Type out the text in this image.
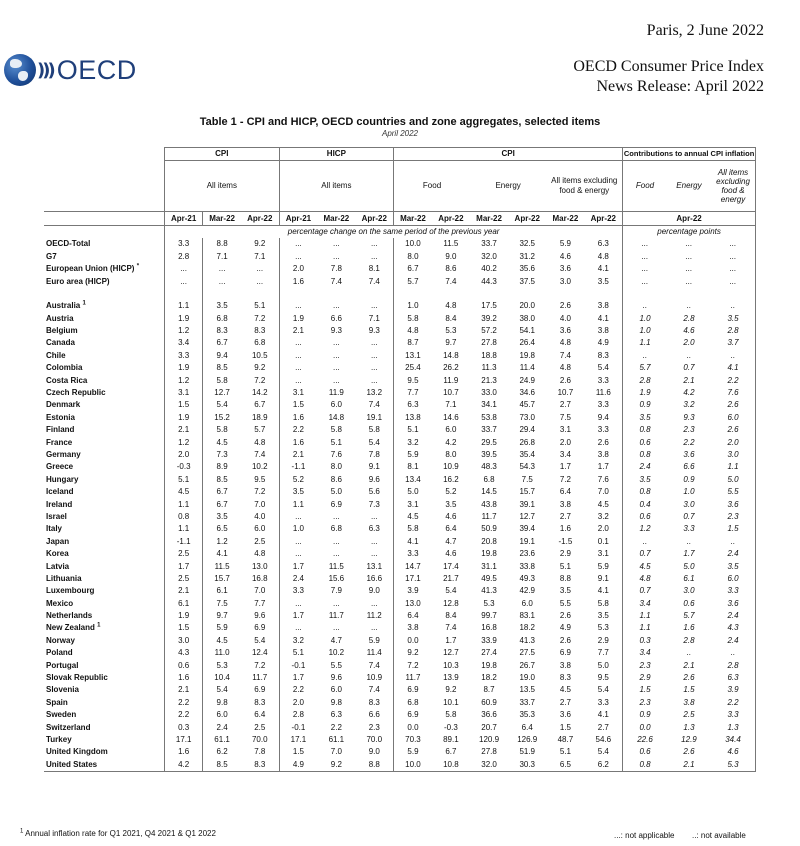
Paris, 2 June 2022
OECD Consumer Price Index
News Release: April 2022
))) OECD
Table 1 - CPI and HICP, OECD countries and zone aggregates, selected items
April 2022
	CPI			HICP			CPI						Contributions to annual CPI inflation		
	All items			All items			Food		Energy		All items excluding food & energy		Food	Energy	All items excluding food & energy
	Apr-21	Mar-22	Apr-22	Apr-21	Mar-22	Apr-22	Mar-22	Apr-22	Mar-22	Apr-22	Mar-22	Apr-22	Apr-22		
	percentage change on the same period of the previous year												percentage points		
OECD-Total	3.3	8.8	9.2	...	...	...	10.0	11.5	33.7	32.5	5.9	6.3	...	...	...
G7	2.8	7.1	7.1	...	...	...	8.0	9.0	32.0	31.2	4.6	4.8	...	...	...
European Union (HICP) *	...	...	...	2.0	7.8	8.1	6.7	8.6	40.2	35.6	3.6	4.1	...	...	...
Euro area (HICP)	...	...	...	1.6	7.4	7.4	5.7	7.4	44.3	37.5	3.0	3.5	...	...	...

Australia $^1$	1.1	3.5	5.1	...	...	...	1.0	4.8	17.5	20.0	2.6	3.8	..	..	..
Austria	1.9	6.8	7.2	1.9	6.6	7.1	5.8	8.4	39.2	38.0	4.0	4.1	1.0	2.8	3.5
Belgium	1.2	8.3	8.3	2.1	9.3	9.3	4.8	5.3	57.2	54.1	3.6	3.8	1.0	4.6	2.8
Canada	3.4	6.7	6.8	...	...	...	8.7	9.7	27.8	26.4	4.8	4.9	1.1	2.0	3.7
Chile	3.3	9.4	10.5	...	...	...	13.1	14.8	18.8	19.8	7.4	8.3	..	..	..
Colombia	1.9	8.5	9.2	...	...	...	25.4	26.2	11.3	11.4	4.8	5.4	5.7	0.7	4.1
Costa Rica	1.2	5.8	7.2	...	...	...	9.5	11.9	21.3	24.9	2.6	3.3	2.8	2.1	2.2
Czech Republic	3.1	12.7	14.2	3.1	11.9	13.2	7.7	10.7	33.0	34.6	10.7	11.6	1.9	4.2	7.6
Denmark	1.5	5.4	6.7	1.5	6.0	7.4	6.3	7.1	34.1	45.7	2.7	3.3	0.9	3.2	2.6
Estonia	1.9	15.2	18.9	1.6	14.8	19.1	13.8	14.6	53.8	73.0	7.5	9.4	3.5	9.3	6.0
Finland	2.1	5.8	5.7	2.2	5.8	5.8	5.1	6.0	33.7	29.4	3.1	3.3	0.8	2.3	2.6
France	1.2	4.5	4.8	1.6	5.1	5.4	3.2	4.2	29.5	26.8	2.0	2.6	0.6	2.2	2.0
Germany	2.0	7.3	7.4	2.1	7.6	7.8	5.9	8.0	39.5	35.4	3.4	3.8	0.8	3.6	3.0
Greece	-0.3	8.9	10.2	-1.1	8.0	9.1	8.1	10.9	48.3	54.3	1.7	1.7	2.4	6.6	1.1
Hungary	5.1	8.5	9.5	5.2	8.6	9.6	13.4	16.2	6.8	7.5	7.2	7.6	3.5	0.9	5.0
Iceland	4.5	6.7	7.2	3.5	5.0	5.6	5.0	5.2	14.5	15.7	6.4	7.0	0.8	1.0	5.5
Ireland	1.1	6.7	7.0	1.1	6.9	7.3	3.1	3.5	43.8	39.1	3.8	4.5	0.4	3.0	3.6
Israel	0.8	3.5	4.0	...	...	...	4.5	4.6	11.7	12.7	2.7	3.2	0.6	0.7	2.3
Italy	1.1	6.5	6.0	1.0	6.8	6.3	5.8	6.4	50.9	39.4	1.6	2.0	1.2	3.3	1.5
Japan	-1.1	1.2	2.5	...	...	...	4.1	4.7	20.8	19.1	-1.5	0.1	..	..	..
Korea	2.5	4.1	4.8	...	...	...	3.3	4.6	19.8	23.6	2.9	3.1	0.7	1.7	2.4
Latvia	1.7	11.5	13.0	1.7	11.5	13.1	14.7	17.4	31.1	33.8	5.1	5.9	4.5	5.0	3.5
Lithuania	2.5	15.7	16.8	2.4	15.6	16.6	17.1	21.7	49.5	49.3	8.8	9.1	4.8	6.1	6.0
Luxembourg	2.1	6.1	7.0	3.3	7.9	9.0	3.9	5.4	41.3	42.9	3.5	4.1	0.7	3.0	3.3
Mexico	6.1	7.5	7.7	...	...	...	13.0	12.8	5.3	6.0	5.5	5.8	3.4	0.6	3.6
Netherlands	1.9	9.7	9.6	1.7	11.7	11.2	6.4	8.4	99.7	83.1	2.6	3.5	1.1	5.7	2.4
New Zealand $^1$	1.5	5.9	6.9	...	...	...	3.8	7.4	16.8	18.2	4.9	5.3	1.1	1.6	4.3
Norway	3.0	4.5	5.4	3.2	4.7	5.9	0.0	1.7	33.9	41.3	2.6	2.9	0.3	2.8	2.4
Poland	4.3	11.0	12.4	5.1	10.2	11.4	9.2	12.7	27.4	27.5	6.9	7.7	3.4	..	..
Portugal	0.6	5.3	7.2	-0.1	5.5	7.4	7.2	10.3	19.8	26.7	3.8	5.0	2.3	2.1	2.8
Slovak Republic	1.6	10.4	11.7	1.7	9.6	10.9	11.7	13.9	18.2	19.0	8.3	9.5	2.9	2.6	6.3
Slovenia	2.1	5.4	6.9	2.2	6.0	7.4	6.9	9.2	8.7	13.5	4.5	5.4	1.5	1.5	3.9
Spain	2.2	9.8	8.3	2.0	9.8	8.3	6.8	10.1	60.9	33.7	2.7	3.3	2.3	3.8	2.2
Sweden	2.2	6.0	6.4	2.8	6.3	6.6	6.9	5.8	36.6	35.3	3.6	4.1	0.9	2.5	3.3
Switzerland	0.3	2.4	2.5	-0.1	2.2	2.3	0.0	-0.3	20.7	6.4	1.5	2.7	0.0	1.3	1.3
Turkey	17.1	61.1	70.0	17.1	61.1	70.0	70.3	89.1	120.9	126.9	48.7	54.6	22.6	12.9	34.4
United Kingdom	1.6	6.2	7.8	1.5	7.0	9.0	5.9	6.7	27.8	51.9	5.1	5.4	0.6	2.6	4.6
United States	4.2	8.5	8.3	4.9	9.2	8.8	10.0	10.8	32.0	30.3	6.5	6.2	0.8	2.1	5.3
$^1$ Annual inflation rate for Q1 2021, Q4 2021 & Q1 2022	...: not applicable ..: not available
